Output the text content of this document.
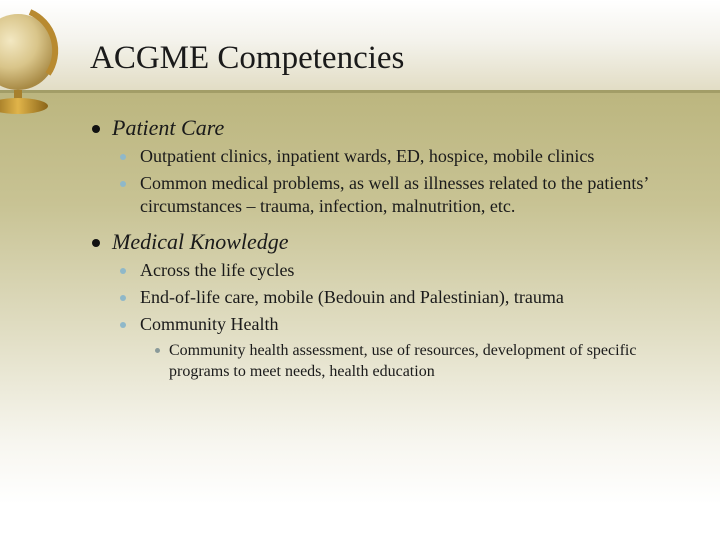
ACGME Competencies
Patient Care
Outpatient clinics, inpatient wards, ED, hospice, mobile clinics
Common medical problems, as well as illnesses related to the patients’ circumstances – trauma, infection, malnutrition, etc.
Medical Knowledge
Across the life cycles
End-of-life care, mobile (Bedouin and Palestinian), trauma
Community Health
Community health assessment, use of resources, development of specific programs to meet needs, health education
